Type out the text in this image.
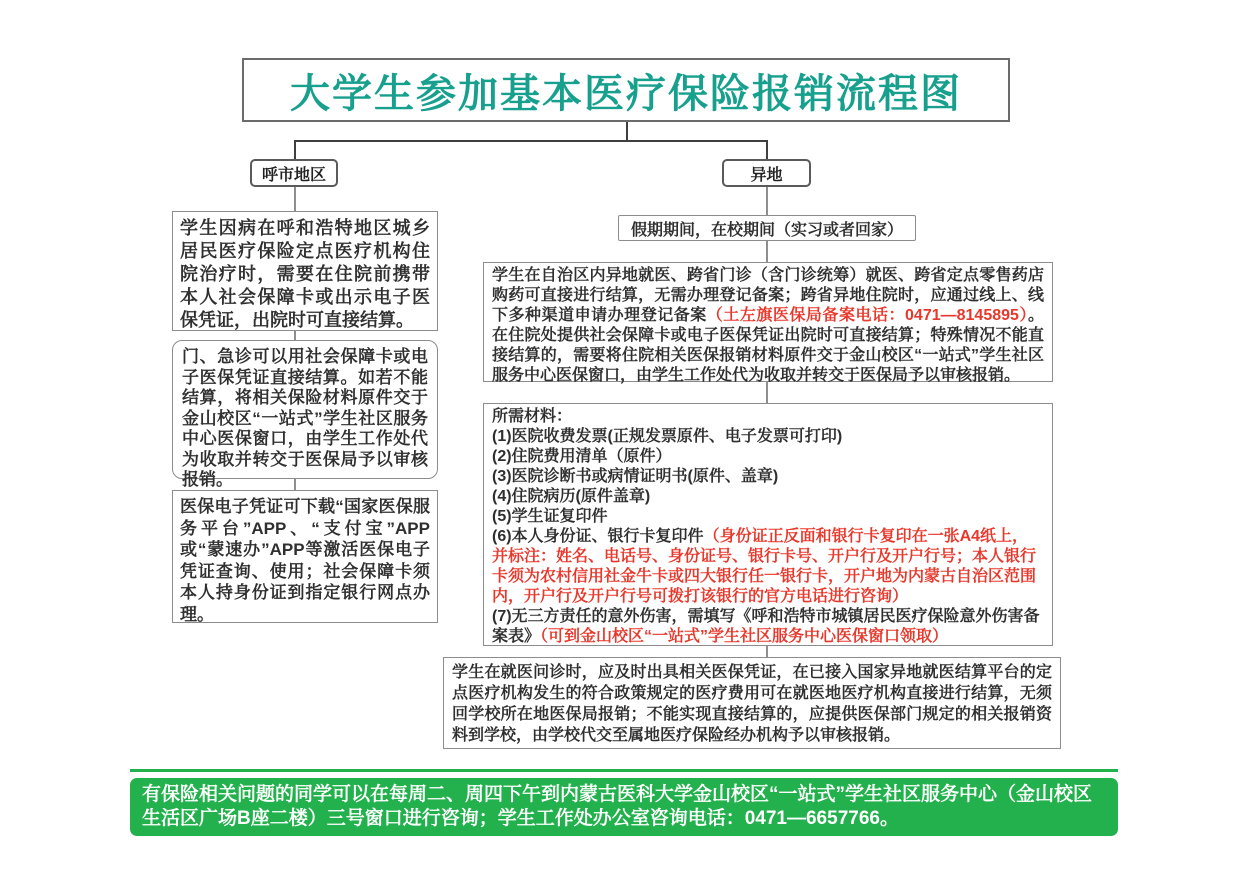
大学生参加基本医疗保险报销流程图
呼市地区	异地
学生因病在呼和浩特地区城乡居民医疗保险定点医疗机构住院治疗时，需要在住院前携带本人社会保障卡或出示电子医保凭证，出院时可直接结算。
门、急诊可以用社会保障卡或电子医保凭证直接结算。如若不能结算，将相关保险材料原件交于金山校区“一站式”学生社区服务中心医保窗口，由学生工作处代为收取并转交于医保局予以审核报销。
医保电子凭证可下载“国家医保服务平台”APP、“支付宝”APP或“蒙速办”APP等激活医保电子凭证查询、使用；社会保障卡须本人持身份证到指定银行网点办理。
假期期间，在校期间（实习或者回家）
学生在自治区内异地就医、跨省门诊（含门诊统筹）就医、跨省定点零售药店购药可直接进行结算，无需办理登记备案；跨省异地住院时，应通过线上、线下多种渠道申请办理登记备案（土左旗医保局备案电话：0471—8145895）。在住院处提供社会保障卡或电子医保凭证出院时可直接结算；特殊情况不能直接结算的，需要将住院相关医保报销材料原件交于金山校区“一站式”学生社区服务中心医保窗口，由学生工作处代为收取并转交于医保局予以审核报销。
所需材料：
(1)医院收费发票(正规发票原件、电子发票可打印)
(2)住院费用清单（原件）
(3)医院诊断书或病情证明书(原件、盖章)
(4)住院病历(原件盖章)
(5)学生证复印件
(6)本人身份证、银行卡复印件（身份证正反面和银行卡复印在一张A4纸上，并标注：姓名、电话号、身份证号、银行卡号、开户行及开户行号；本人银行卡须为农村信用社金牛卡或四大银行任一银行卡，开户地为内蒙古自治区范围内，开户行及开户行号可拨打该银行的官方电话进行咨询）
(7)无三方责任的意外伤害，需填写《呼和浩特市城镇居民医疗保险意外伤害备案表》（可到金山校区“一站式”学生社区服务中心医保窗口领取）
学生在就医问诊时，应及时出具相关医保凭证，在已接入国家异地就医结算平台的定点医疗机构发生的符合政策规定的医疗费用可在就医地医疗机构直接进行结算，无须回学校所在地医保局报销；不能实现直接结算的，应提供医保部门规定的相关报销资料到学校，由学校代交至属地医疗保险经办机构予以审核报销。
有保险相关问题的同学可以在每周二、周四下午到内蒙古医科大学金山校区“一站式”学生社区服务中心（金山校区生活区广场B座二楼）三号窗口进行咨询；学生工作处办公室咨询电话：0471—6657766。
